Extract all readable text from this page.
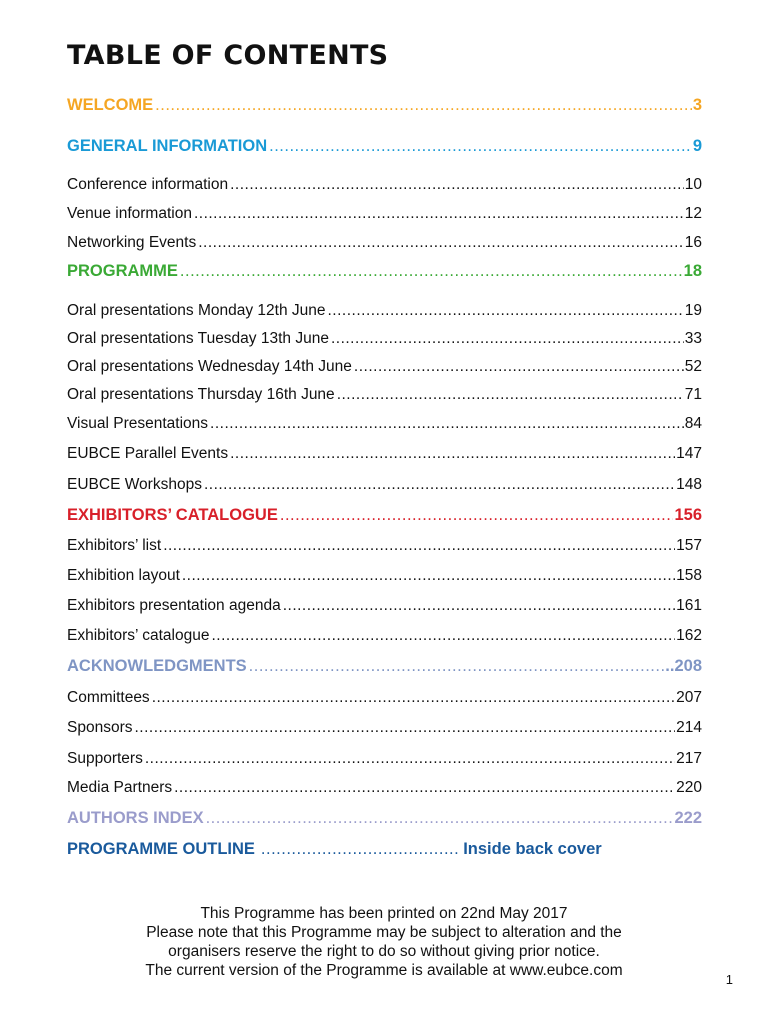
TABLE OF CONTENTS
WELCOME .....	3
GENERAL INFORMATION .....	9
Conference information .....	10
Venue information .....	12
Networking Events .....	16
PROGRAMME .....	18
Oral presentations Monday 12th June .....	19
Oral presentations Tuesday 13th June .....	33
Oral presentations Wednesday 14th June .....	52
Oral presentations Thursday 16th June .....	71
Visual Presentations .....	84
EUBCE Parallel Events .....	147
EUBCE Workshops .....	148
EXHIBITORS’ CATALOGUE .....	156
Exhibitors’ list .....	157
Exhibition layout .....	158
Exhibitors presentation agenda .....	161
Exhibitors’ catalogue .....	162
ACKNOWLEDGMENTS .....	..208
Committees .....	207
Sponsors .....	214
Supporters .....	217
Media Partners .....	220
AUTHORS INDEX .....	222
PROGRAMME OUTLINE .....	Inside back cover
This Programme has been printed on 22nd May 2017
Please note that this Programme may be subject to alteration and the
organisers reserve the right to do so without giving prior notice.
The current version of the Programme is available at www.eubce.com
1
